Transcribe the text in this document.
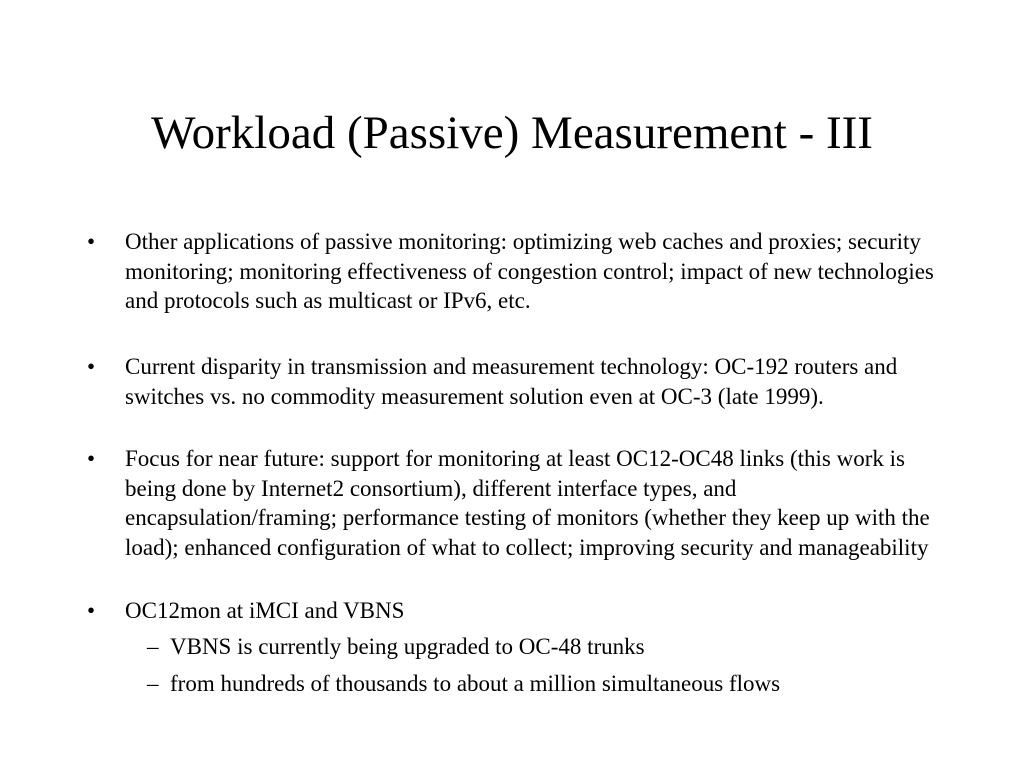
Workload (Passive) Measurement - III
• Other applications of passive monitoring: optimizing web caches and proxies; security monitoring; monitoring effectiveness of congestion control; impact of new technologies and protocols such as multicast or IPv6, etc.
• Current disparity in transmission and measurement technology: OC-192 routers and switches vs. no commodity measurement solution even at OC-3 (late 1999).
• Focus for near future: support for monitoring at least OC12-OC48 links (this work is being done by Internet2 consortium), different interface types, and encapsulation/framing; performance testing of monitors (whether they keep up with the load); enhanced configuration of what to collect; improving security and manageability
• OC12mon at iMCI and VBNS
– VBNS is currently being upgraded to OC-48 trunks
– from hundreds of thousands to about a million simultaneous flows
